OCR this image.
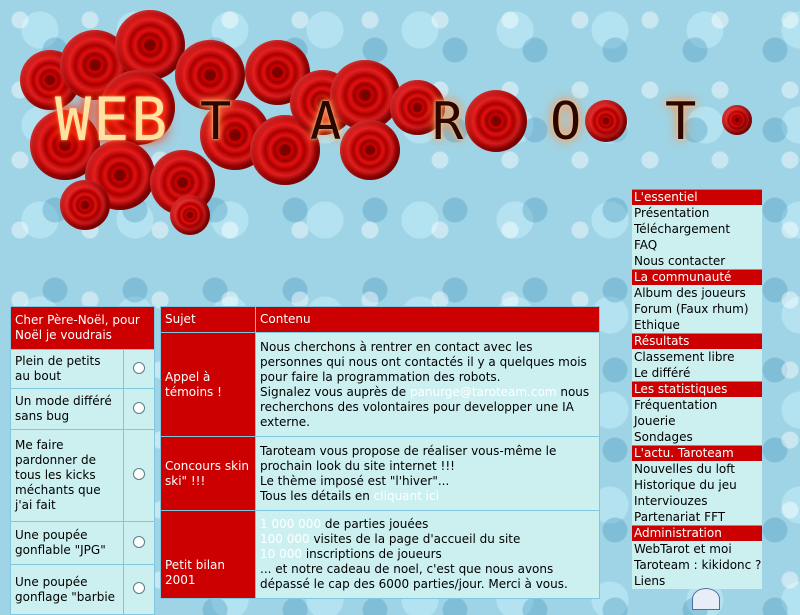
WEB T A R O T
L'essentiel
Présentation
Téléchargement
FAQ
Nous contacter
La communauté
Album des joueurs
Forum (Faux rhum)
Ethique
Résultats
Classement libre
Le différé
Les statistiques
Fréquentation
Jouerie
Sondages
L'actu. Taroteam
Nouvelles du loft
Historique du jeu
Interviouzes
Partenariat FFT
Administration
WebTarot et moi
Taroteam : kikidonc ?
Liens
Cher Père-Noël, pour Noël je voudrais	
Plein de petits au bout	
Un mode différé sans bug	
Me faire pardonner de tous les kicks méchants que j'ai fait	
Une poupée gonflable "JPG"	
Une poupée gonflage "barbie	
Sujet	Contenu
Appel à témoins !	Nous cherchons à rentrer en contact avec les personnes qui nous ont contactés il y a quelques mois pour faire la programmation des robots.
Signalez vous auprès de panurge@taroteam.com nous recherchons des volontaires pour developper une IA externe.
Concours skin ski" !!!	Taroteam vous propose de réaliser vous-même le prochain look du site internet !!!
Le thème imposé est "l'hiver"...
Tous les détails en cliquant ici
Petit bilan 2001	1 000 000 de parties jouées
100 000 visites de la page d'accueil du site
10 000 inscriptions de joueurs
... et notre cadeau de noel, c'est que nous avons dépassé le cap des 6000 parties/jour. Merci à vous.
